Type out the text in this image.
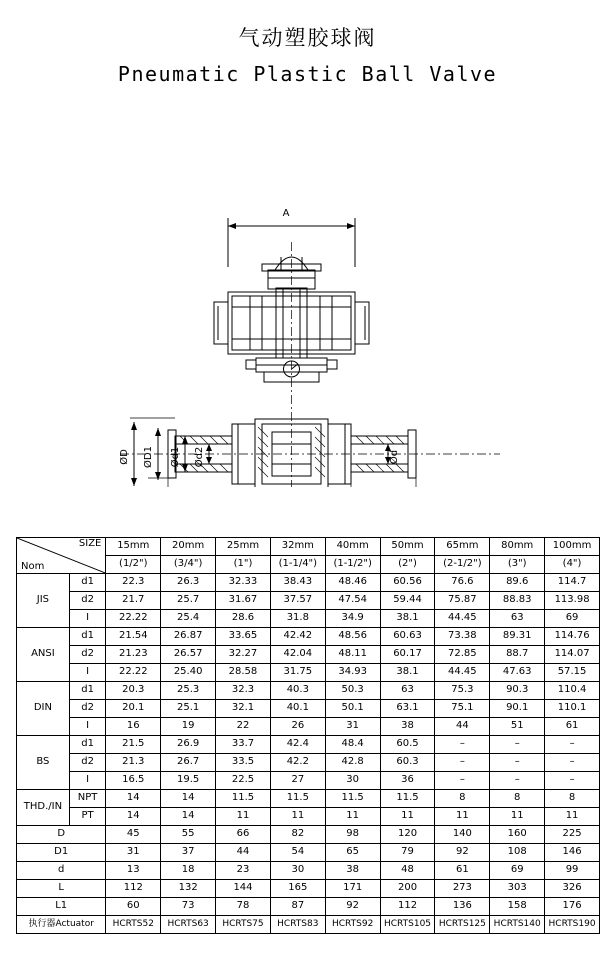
气动塑胶球阀
Pneumatic Plastic Ball Valve
A
ØD ØD1 Ød1 Ød2	Ød
SIZE
Nom		15mm	20mm	25mm	32mm	40mm	50mm	65mm	80mm	100mm
		(1/2")	(3/4")	(1")	(1-1/4")	(1-1/2")	(2")	(2-1/2")	(3")	(4")
JIS	d1	22.3	26.3	32.33	38.43	48.46	60.56	76.6	89.6	114.7
	d2	21.7	25.7	31.67	37.57	47.54	59.44	75.87	88.83	113.98
	I	22.22	25.4	28.6	31.8	34.9	38.1	44.45	63	69
ANSI	d1	21.54	26.87	33.65	42.42	48.56	60.63	73.38	89.31	114.76
	d2	21.23	26.57	32.27	42.04	48.11	60.17	72.85	88.7	114.07
	I	22.22	25.40	28.58	31.75	34.93	38.1	44.45	47.63	57.15
DIN	d1	20.3	25.3	32.3	40.3	50.3	63	75.3	90.3	110.4
	d2	20.1	25.1	32.1	40.1	50.1	63.1	75.1	90.1	110.1
	I	16	19	22	26	31	38	44	51	61
BS	d1	21.5	26.9	33.7	42.4	48.4	60.5	–	–	–
	d2	21.3	26.7	33.5	42.2	42.8	60.3	–	–	–
	I	16.5	19.5	22.5	27	30	36	–	–	–
THD./IN	NPT	14	14	11.5	11.5	11.5	11.5	8	8	8
	PT	14	14	11	11	11	11	11	11	11
D		45	55	66	82	98	120	140	160	225
D1		31	37	44	54	65	79	92	108	146
d		13	18	23	30	38	48	61	69	99
L		112	132	144	165	171	200	273	303	326
L1		60	73	78	87	92	112	136	158	176
执行器Actuator		HCRTS52	HCRTS63	HCRTS75	HCRTS83	HCRTS92	HCRTS105	HCRTS125	HCRTS140	HCRTS190
